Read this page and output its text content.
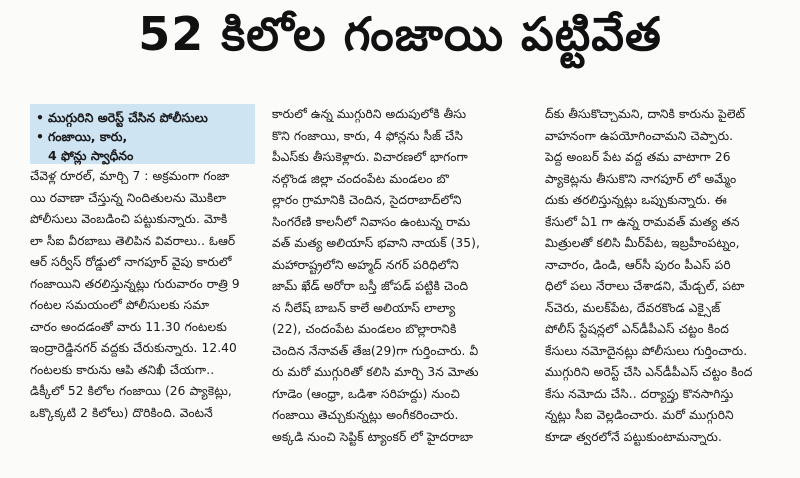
52 కిలోల గంజాయి పట్టివేత
• ముగ్గురిని అరెస్ట్ చేసిన పోలీసులు
• గంజాయి, కారు,
4 ఫోన్లు స్వాధీనం
చేవెళ్ల రూరల్, మార్చి 7 : అక్రమంగా గంజా
యి రవాణా చేస్తున్న నిందితులను మొకిలా
పోలీసులు వెంబడించి పట్టుకున్నారు. మోకి
లా సీఐ వీరబాబు తెలిపిన వివరాలు.. ఓఆర్
ఆర్ సర్వీస్ రోడ్డులో నాగపూర్ వైపు కారులో
గంజాయిని తరలిస్తున్నట్లు గురువారం రాత్రి 9
గంటల సమయంలో పోలీసులకు సమా
చారం అందడంతో వారు 11.30 గంటలకు
ఇంద్రారెడ్డినగర్ వద్దకు చేరుకున్నారు. 12.40
గంటలకు కారును ఆపి తనిఖీ చేయగా..
డిక్కీలో 52 కిలోల గంజాయి (26 ప్యాకెట్లు,
ఒక్కొక్కటి 2 కిలోలు) దొరికింది. వెంటనే
కారులో ఉన్న ముగ్గురిని అదుపులోకి తీసు
కొని గంజాయి, కారు, 4 ఫోన్లను సీజ్ చేసి
పీఎస్‌కు తీసుకెళ్లారు. విచారణలో భాగంగా
నల్గొండ జిల్లా చందంపేట మండలం బొ
ల్లారం గ్రామానికి చెందిన, సైదరాబాద్‌లోని
సింగరేణి కాలనీలో నివాసం ఉంటున్న రామ
వత్ మత్య అలియాస్ భవాని నాయక్ (35),
మహారాష్ట్రలోని అహ్మద్ నగర్ పరిధిలోని
జామ్ ఖేడ్ అరోరా బస్తీ జోపడ్ పట్టికి చెంది
న నీలేష్ బాబన్ కాలే అలియాస్ లాల్యా
(22), చందంపేట మండలం బొల్లారానికి
చెందిన నేనావత్ తేజ(29)గా గుర్తించారు. వీ
రు మరో ముగ్గురితో కలిసి మార్చి 3న మోతు
గూడెం (ఆంధ్రా, ఒడిశా సరిహద్దు) నుంచి
గంజాయి తెచ్చుకున్నట్లు అంగీకరించారు.
అక్కడి నుంచి సెప్టిక్ ట్యాంకర్ లో హైదరాబా
ద్‌కు తీసుకొచ్చామని, దానికి కారును పైలెట్
వాహనంగా ఉపయోగించామని చెప్పారు.
పెద్ద అంబర్ పేట వద్ద తమ వాటాగా 26
ప్యాకెట్లను తీసుకొని నాగపూర్ లో అమ్మేం
దుకు తరలిస్తున్నట్లు ఒప్పుకున్నారు. ఈ
కేసులో ఏ1 గా ఉన్న రామవత్ మత్య తన
మిత్రులతో కలిసి మీర్‌పేట, ఇబ్రహీంపట్నం,
నాచారం, డిండి, ఆర్‌సీ పురం పీఎస్ పరి
ధిలో పలు నేరాలు చేశాడని, మేడ్చల్, పటా
న్‌చెరు, మలక్‌పేట, దేవరకొండ ఎక్సైజ్
పోలీస్ స్టేషన్లలో ఎన్‌డీపీఎస్ చట్టం కింద
కేసులు నమోదైనట్లు పోలీసులు గుర్తించారు.
ముగ్గురిని అరెస్ట్ చేసి ఎన్‌డీపీఎస్ చట్టం కింద
కేసు నమోదు చేసి.. దర్యాప్తు కొనసాగిస్తు
న్నట్లు సీఐ వెల్లడించారు. మరో ముగ్గురిని
కూడా త్వరలోనే పట్టుకుంటామన్నారు.
